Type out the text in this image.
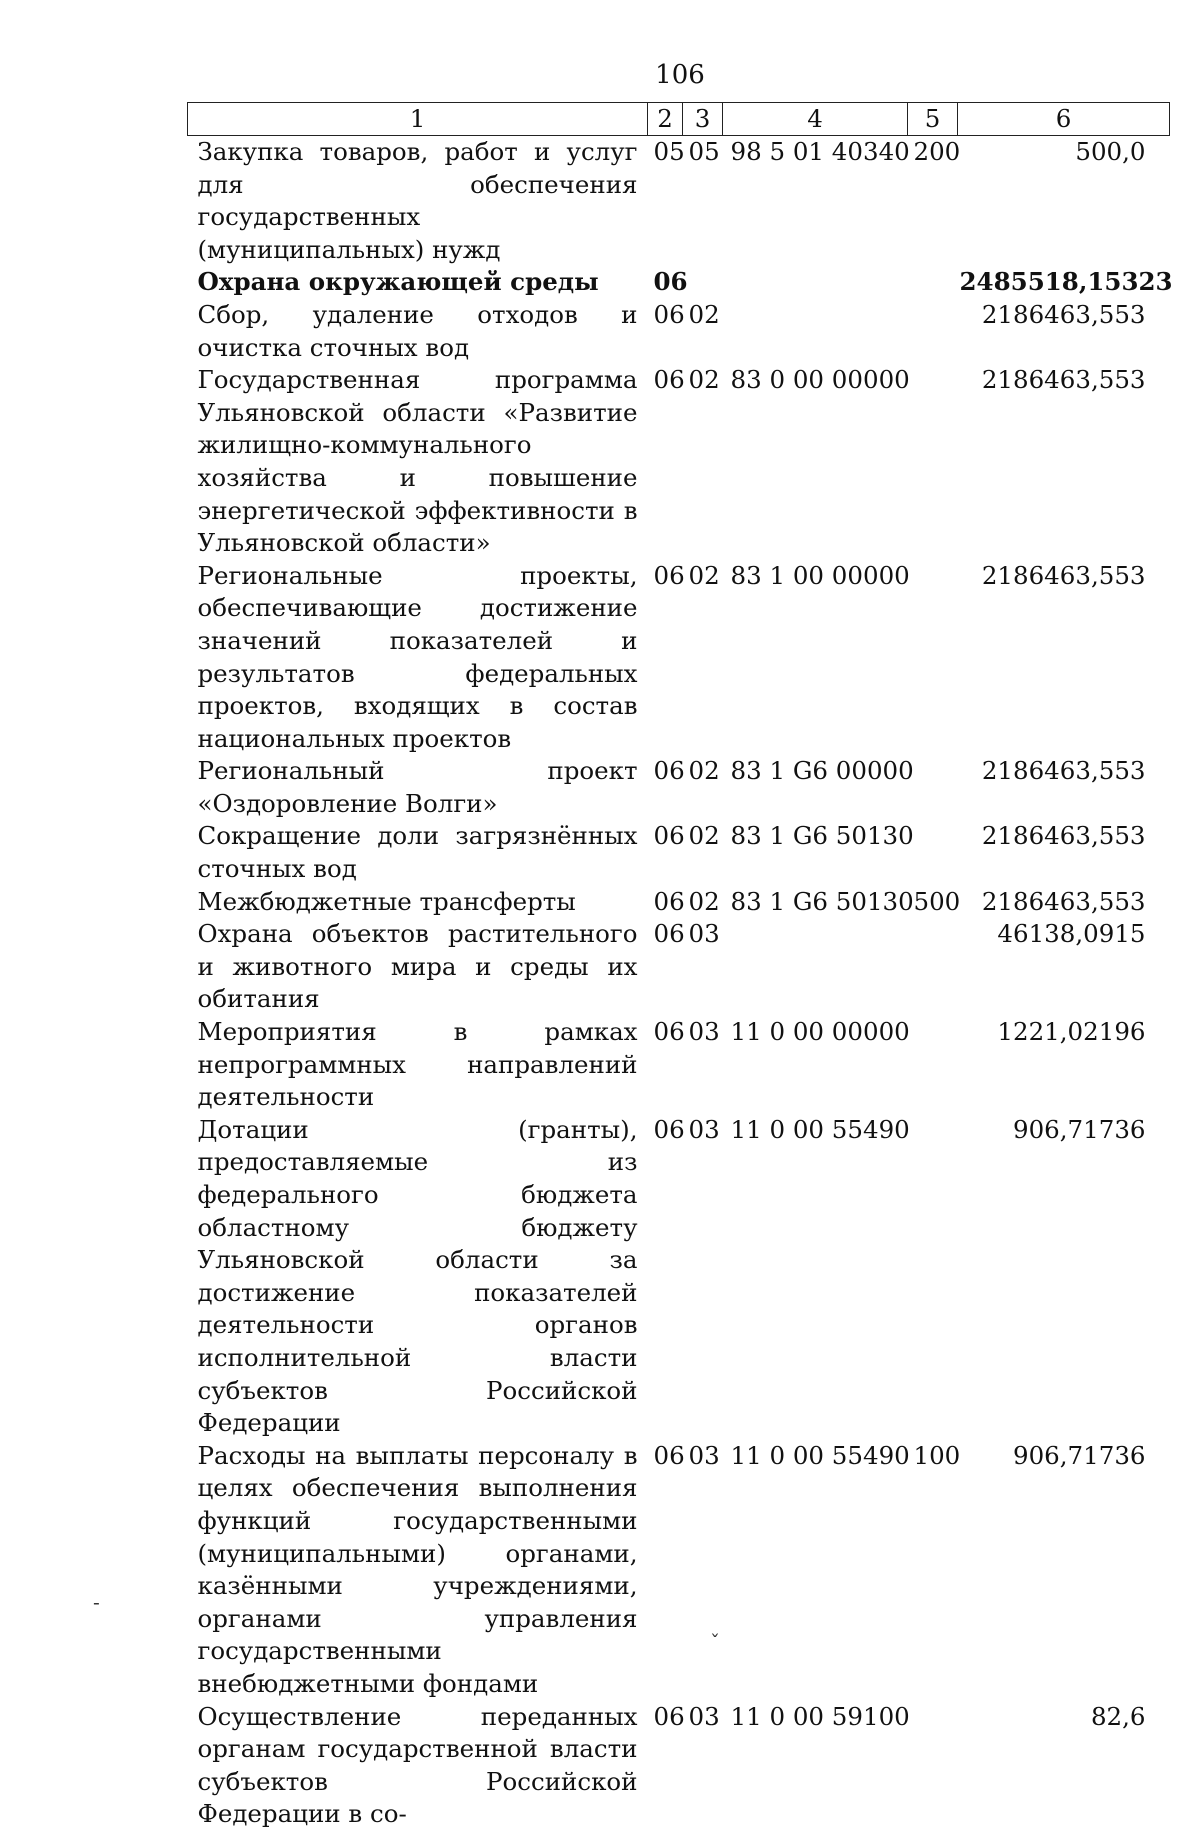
106
1	2	3	4	5	6
Закупка товаров, работ и услуг для обеспечения государственных (муниципальных) нужд	05	05	98 5 01 40340	200	500,0
Охрана окружающей среды	06				2485518,15323
Сбор, удаление отходов и очистка сточных вод	06	02			2186463,553
Государственная программа Ульяновской области «Развитие жилищно-коммунального хозяйства и повышение энергетической эффективности в Ульяновской области»	06	02	83 0 00 00000		2186463,553
Региональные проекты, обеспечивающие достижение значений показателей и результатов федеральных проектов, входящих в состав национальных проектов	06	02	83 1 00 00000		2186463,553
Региональный проект «Оздоровление Волги»	06	02	83 1 G6 00000		2186463,553
Сокращение доли загрязнённых сточных вод	06	02	83 1 G6 50130		2186463,553
Межбюджетные трансферты	06	02	83 1 G6 50130	500	2186463,553
Охрана объектов растительного и животного мира и среды их обитания	06	03			46138,0915
Мероприятия в рамках непрограммных направлений деятельности	06	03	11 0 00 00000		1221,02196
Дотации (гранты), предоставляемые из федерального бюджета областному бюджету Ульяновской области за достижение показателей деятельности органов исполнительной власти субъектов Российской Федерации	06	03	11 0 00 55490		906,71736
Расходы на выплаты персоналу в целях обеспечения выполнения функций государственными (муниципальными) органами, казёнными учреждениями, органами управления государственными внебюджетными фондами	06	03	11 0 00 55490	100	906,71736
Осуществление переданных органам государственной власти субъектов Российской Федерации в со-	06	03	11 0 00 59100		82,6
-
ˇ
